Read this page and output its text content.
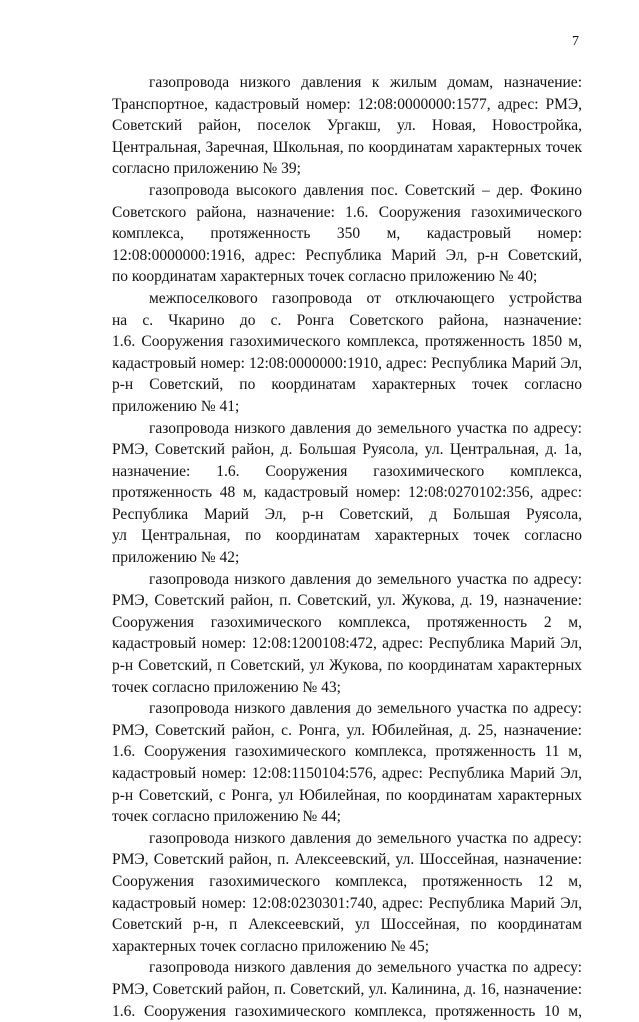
7

газопровода низкого давления к жилым домам, назначение:
Транспортное, кадастровый номер: 12:08:0000000:1577, адрес: РМЭ,
Советский район, поселок Ургакш, ул. Новая, Новостройка,
Центральная, Заречная, Школьная, по координатам характерных точек
согласно приложению № 39;

газопровода высокого давления пос. Советский – дер. Фокино
Советского района, назначение: 1.6. Сооружения газохимического
комплекса, протяженность 350 м, кадастровый номер:
12:08:0000000:1916, адрес: Республика Марий Эл, р-н Советский,
по координатам характерных точек согласно приложению № 40;

межпоселкового газопровода от отключающего устройства
на с. Чкарино до с. Ронга Советского района, назначение:
1.6. Сооружения газохимического комплекса, протяженность 1850 м,
кадастровый номер: 12:08:0000000:1910, адрес: Республика Марий Эл,
р-н Советский, по координатам характерных точек согласно
приложению № 41;

газопровода низкого давления до земельного участка по адресу:
РМЭ, Советский район, д. Большая Руясола, ул. Центральная, д. 1а,
назначение: 1.6. Сооружения газохимического комплекса,
протяженность 48 м, кадастровый номер: 12:08:0270102:356, адрес:
Республика Марий Эл, р-н Советский, д Большая Руясола,
ул Центральная, по координатам характерных точек согласно
приложению № 42;

газопровода низкого давления до земельного участка по адресу:
РМЭ, Советский район, п. Советский, ул. Жукова, д. 19, назначение:
Сооружения газохимического комплекса, протяженность 2 м,
кадастровый номер: 12:08:1200108:472, адрес: Республика Марий Эл,
р-н Советский, п Советский, ул Жукова, по координатам характерных
точек согласно приложению № 43;

газопровода низкого давления до земельного участка по адресу:
РМЭ, Советский район, с. Ронга, ул. Юбилейная, д. 25, назначение:
1.6. Сооружения газохимического комплекса, протяженность 11 м,
кадастровый номер: 12:08:1150104:576, адрес: Республика Марий Эл,
р-н Советский, с Ронга, ул Юбилейная, по координатам характерных
точек согласно приложению № 44;

газопровода низкого давления до земельного участка по адресу:
РМЭ, Советский район, п. Алексеевский, ул. Шоссейная, назначение:
Сооружения газохимического комплекса, протяженность 12 м,
кадастровый номер: 12:08:0230301:740, адрес: Республика Марий Эл,
Советский р-н, п Алексеевский, ул Шоссейная, по координатам
характерных точек согласно приложению № 45;

газопровода низкого давления до земельного участка по адресу:
РМЭ, Советский район, п. Советский, ул. Калинина, д. 16, назначение:
1.6. Сооружения газохимического комплекса, протяженность 10 м,
